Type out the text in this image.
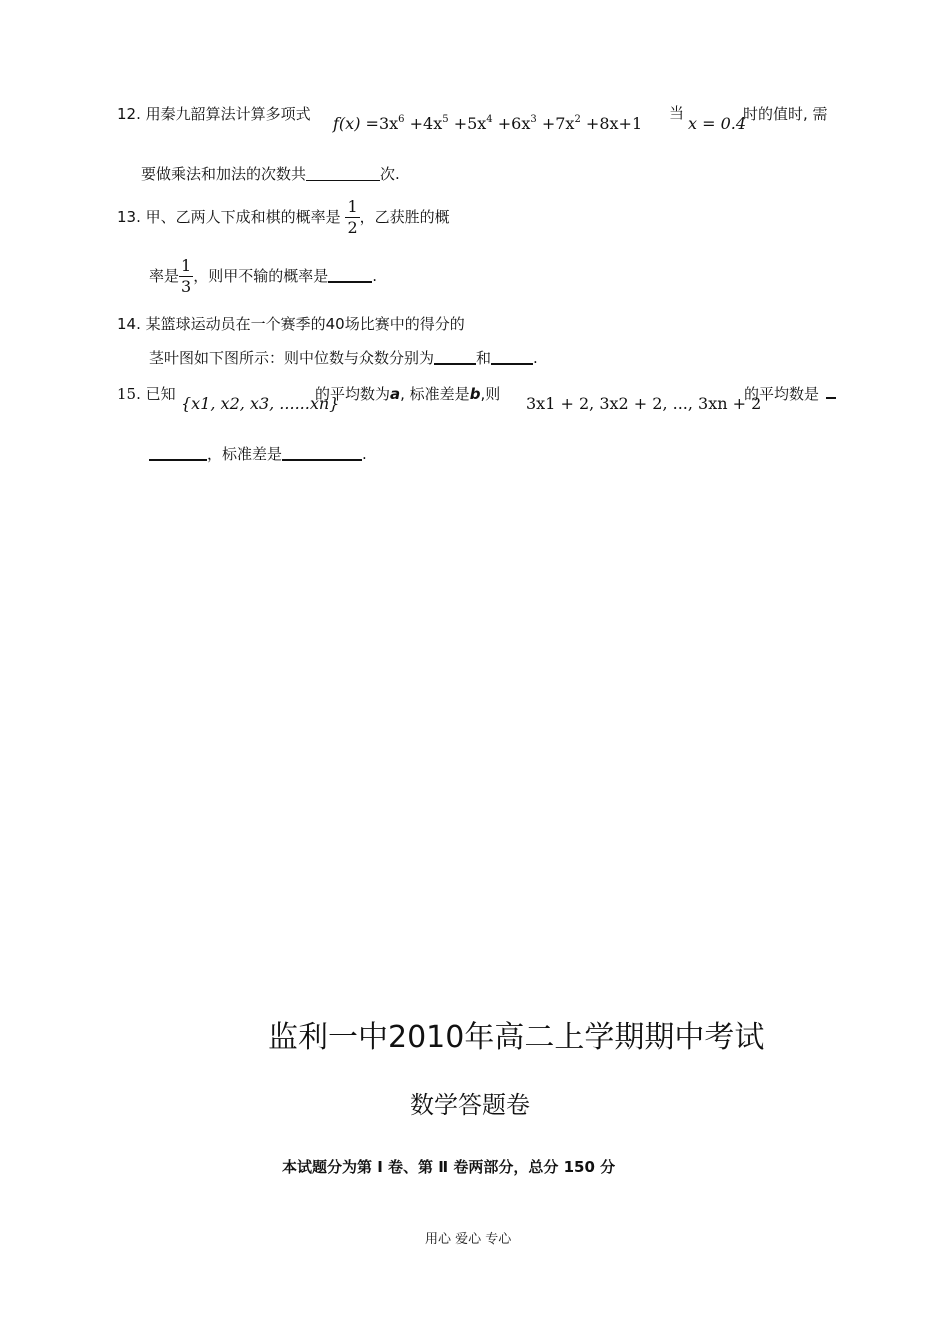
12. 用秦九韶算法计算多项式 $f(x) =3x^6 +4x^5 +5x^4 +6x^3 +7x^2 +8x+1$
当
x = 0.4
时的值时, 需
要做乘法和加法的次数共	次.
13. 甲、乙两人下成和棋的概率是 $\frac{1}{2}$ ，乙获胜的概
率是 $\frac{1}{3}$ ，则甲不输的概率是	.
14. 某篮球运动员在一个赛季的40场比赛中的得分的
茎叶图如下图所示：则中位数与众数分别为	和	.
15. 已知 {x1, x2, x3, ......xn}
的平均数为a, 标准差是b,则 3x1 + 2, 3x2 + 2, ..., 3xn + 2
的平均数是
，标准差是	.
监利一中2010年高二上学期期中考试
数学答题卷
本试题分为第 Ⅰ 卷、第 Ⅱ 卷两部分，总分 150 分
用心 爱心 专心
